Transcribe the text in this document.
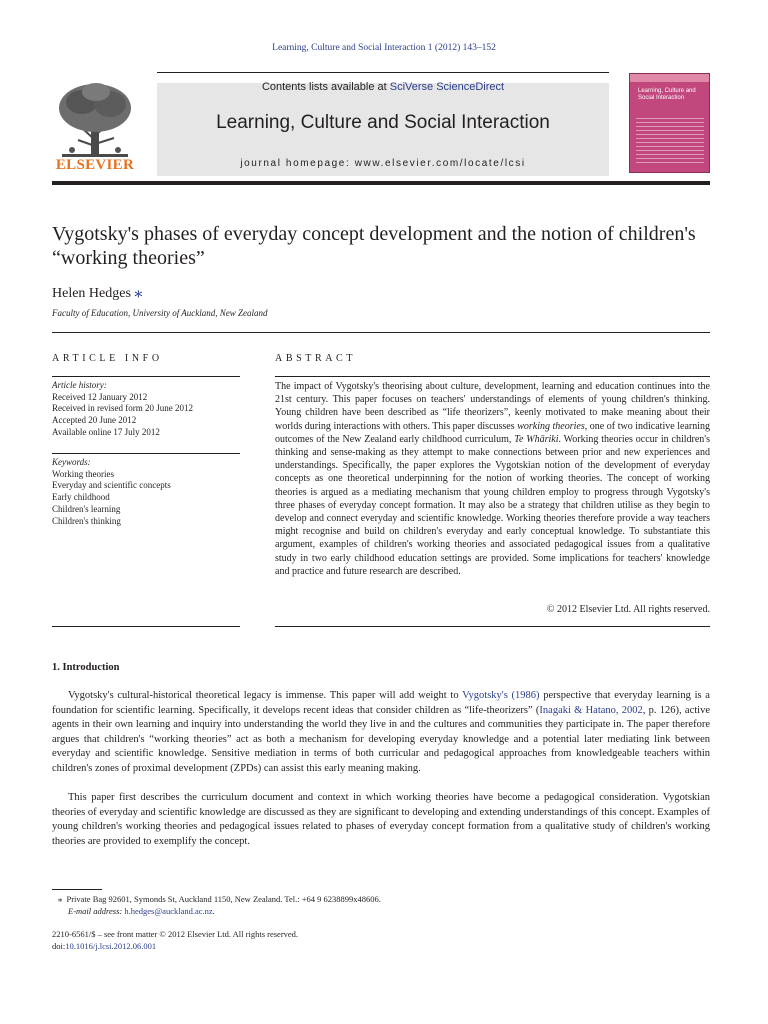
Learning, Culture and Social Interaction 1 (2012) 143–152
ELSEVIER
Contents lists available at SciVerse ScienceDirect
Learning, Culture and Social Interaction
journal homepage: www.elsevier.com/locate/lcsi
Learning, Culture and Social Interaction
Vygotsky's phases of everyday concept development and the notion of children's “working theories”
Helen Hedges ⁎
Faculty of Education, University of Auckland, New Zealand
ARTICLE INFO	ABSTRACT
Article history:
Received 12 January 2012
Received in revised form 20 June 2012
Accepted 20 June 2012
Available online 17 July 2012
Keywords:
Working theories
Everyday and scientific concepts
Early childhood
Children's learning
Children's thinking
The impact of Vygotsky's theorising about culture, development, learning and education continues into the 21st century. This paper focuses on teachers' understandings of elements of young children's thinking. Young children have been described as “life theorizers”, keenly motivated to make meaning about their worlds during interactions with others. This paper discusses working theories, one of two indicative learning outcomes of the New Zealand early childhood curriculum, Te Whāriki. Working theories occur in children's thinking and sense-making as they attempt to make connections between prior and new experiences and understandings. Specifically, the paper explores the Vygotskian notion of the development of everyday concepts as one theoretical underpinning for the notion of working theories. The concept of working theories is argued as a mediating mechanism that young children employ to progress through Vygotsky's three phases of everyday concept formation. It may also be a strategy that children utilise as they begin to develop and connect everyday and scientific knowledge. Working theories therefore provide a way teachers might recognise and build on children's everyday and early conceptual knowledge. To substantiate this argument, examples of children's working theories and associated pedagogical issues from a qualitative study in two early childhood education settings are provided. Some implications for teachers' knowledge and practice and future research are described.
© 2012 Elsevier Ltd. All rights reserved.
1. Introduction
Vygotsky's cultural-historical theoretical legacy is immense. This paper will add weight to Vygotsky's (1986) perspective that everyday learning is a foundation for scientific learning. Specifically, it develops recent ideas that consider children as “life-theorizers” (Inagaki & Hatano, 2002, p. 126), active agents in their own learning and inquiry into understanding the world they live in and the cultures and communities they participate in. The paper therefore argues that children's “working theories” act as both a mechanism for developing everyday knowledge and a potential later mediating link between everyday and scientific knowledge. Sensitive mediation in terms of both curricular and pedagogical approaches from knowledgeable teachers within children's zones of proximal development (ZPDs) can assist this early meaning making.
This paper first describes the curriculum document and context in which working theories have become a pedagogical consideration. Vygotskian theories of everyday and scientific knowledge are discussed as they are significant to developing and extending understandings of this concept. Examples of young children's working theories and pedagogical issues related to phases of everyday concept formation from a qualitative study of children's working theories are provided to exemplify the concept.
⁎ Private Bag 92601, Symonds St, Auckland 1150, New Zealand. Tel.: +64 9 6238899x48606.
E-mail address: h.hedges@auckland.ac.nz.
2210-6561/$ – see front matter © 2012 Elsevier Ltd. All rights reserved.
doi:10.1016/j.lcsi.2012.06.001
